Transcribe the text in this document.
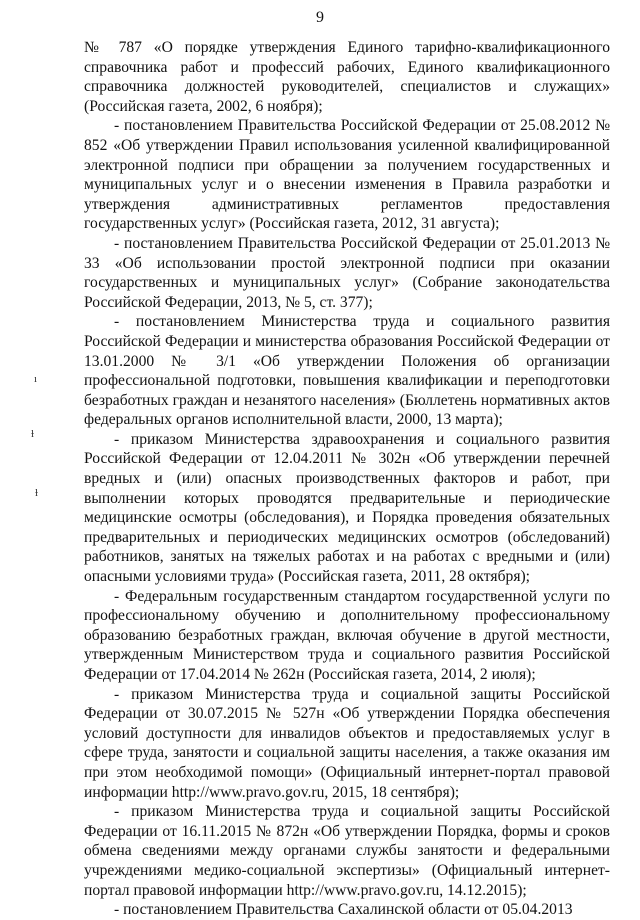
9
ı
ɫ
ɫ

№ 787 «О порядке утверждения Единого тарифно-квалификационного справочника работ и профессий рабочих, Единого квалификационного справочника должностей руководителей, специалистов и служащих» (Российская газета, 2002, 6 ноября);

- постановлением Правительства Российской Федерации от 25.08.2012 № 852 «Об утверждении Правил использования усиленной квалифицированной электронной подписи при обращении за получением государственных и муниципальных услуг и о внесении изменения в Правила разработки и утверждения административных регламентов предоставления государственных услуг» (Российская газета, 2012, 31 августа);

- постановлением Правительства Российской Федерации от 25.01.2013 № 33 «Об использовании простой электронной подписи при оказании государственных и муниципальных услуг» (Собрание законодательства Российской Федерации, 2013, № 5, ст. 377);

- постановлением Министерства труда и социального развития Российской Федерации и министерства образования Российской Федерации от 13.01.2000 № 3/1 «Об утверждении Положения об организации профессиональной подготовки, повышения квалификации и переподготовки безработных граждан и незанятого населения» (Бюллетень нормативных актов федеральных органов исполнительной власти, 2000, 13 марта);

- приказом Министерства здравоохранения и социального развития Российской Федерации от 12.04.2011 № 302н «Об утверждении перечней вредных и (или) опасных производственных факторов и работ, при выполнении которых проводятся предварительные и периодические медицинские осмотры (обследования), и Порядка проведения обязательных предварительных и периодических медицинских осмотров (обследований) работников, занятых на тяжелых работах и на работах с вредными и (или) опасными условиями труда» (Российская газета, 2011, 28 октября);

- Федеральным государственным стандартом государственной услуги по профессиональному обучению и дополнительному профессиональному образованию безработных граждан, включая обучение в другой местности, утвержденным Министерством труда и социального развития Российской Федерации от 17.04.2014 № 262н (Российская газета, 2014, 2 июля);

- приказом Министерства труда и социальной защиты Российской Федерации от 30.07.2015 № 527н «Об утверждении Порядка обеспечения условий доступности для инвалидов объектов и предоставляемых услуг в сфере труда, занятости и социальной защиты населения, а также оказания им при этом необходимой помощи» (Официальный интернет-портал правовой информации http://www.pravo.gov.ru, 2015, 18 сентября);

- приказом Министерства труда и социальной защиты Российской Федерации от 16.11.2015 № 872н «Об утверждении Порядка, формы и сроков обмена сведениями между органами службы занятости и федеральными учреждениями медико-социальной экспертизы» (Официальный интернет-портал правовой информации http://www.pravo.gov.ru, 14.12.2015);

- постановлением Правительства Сахалинской области от 05.04.2013
